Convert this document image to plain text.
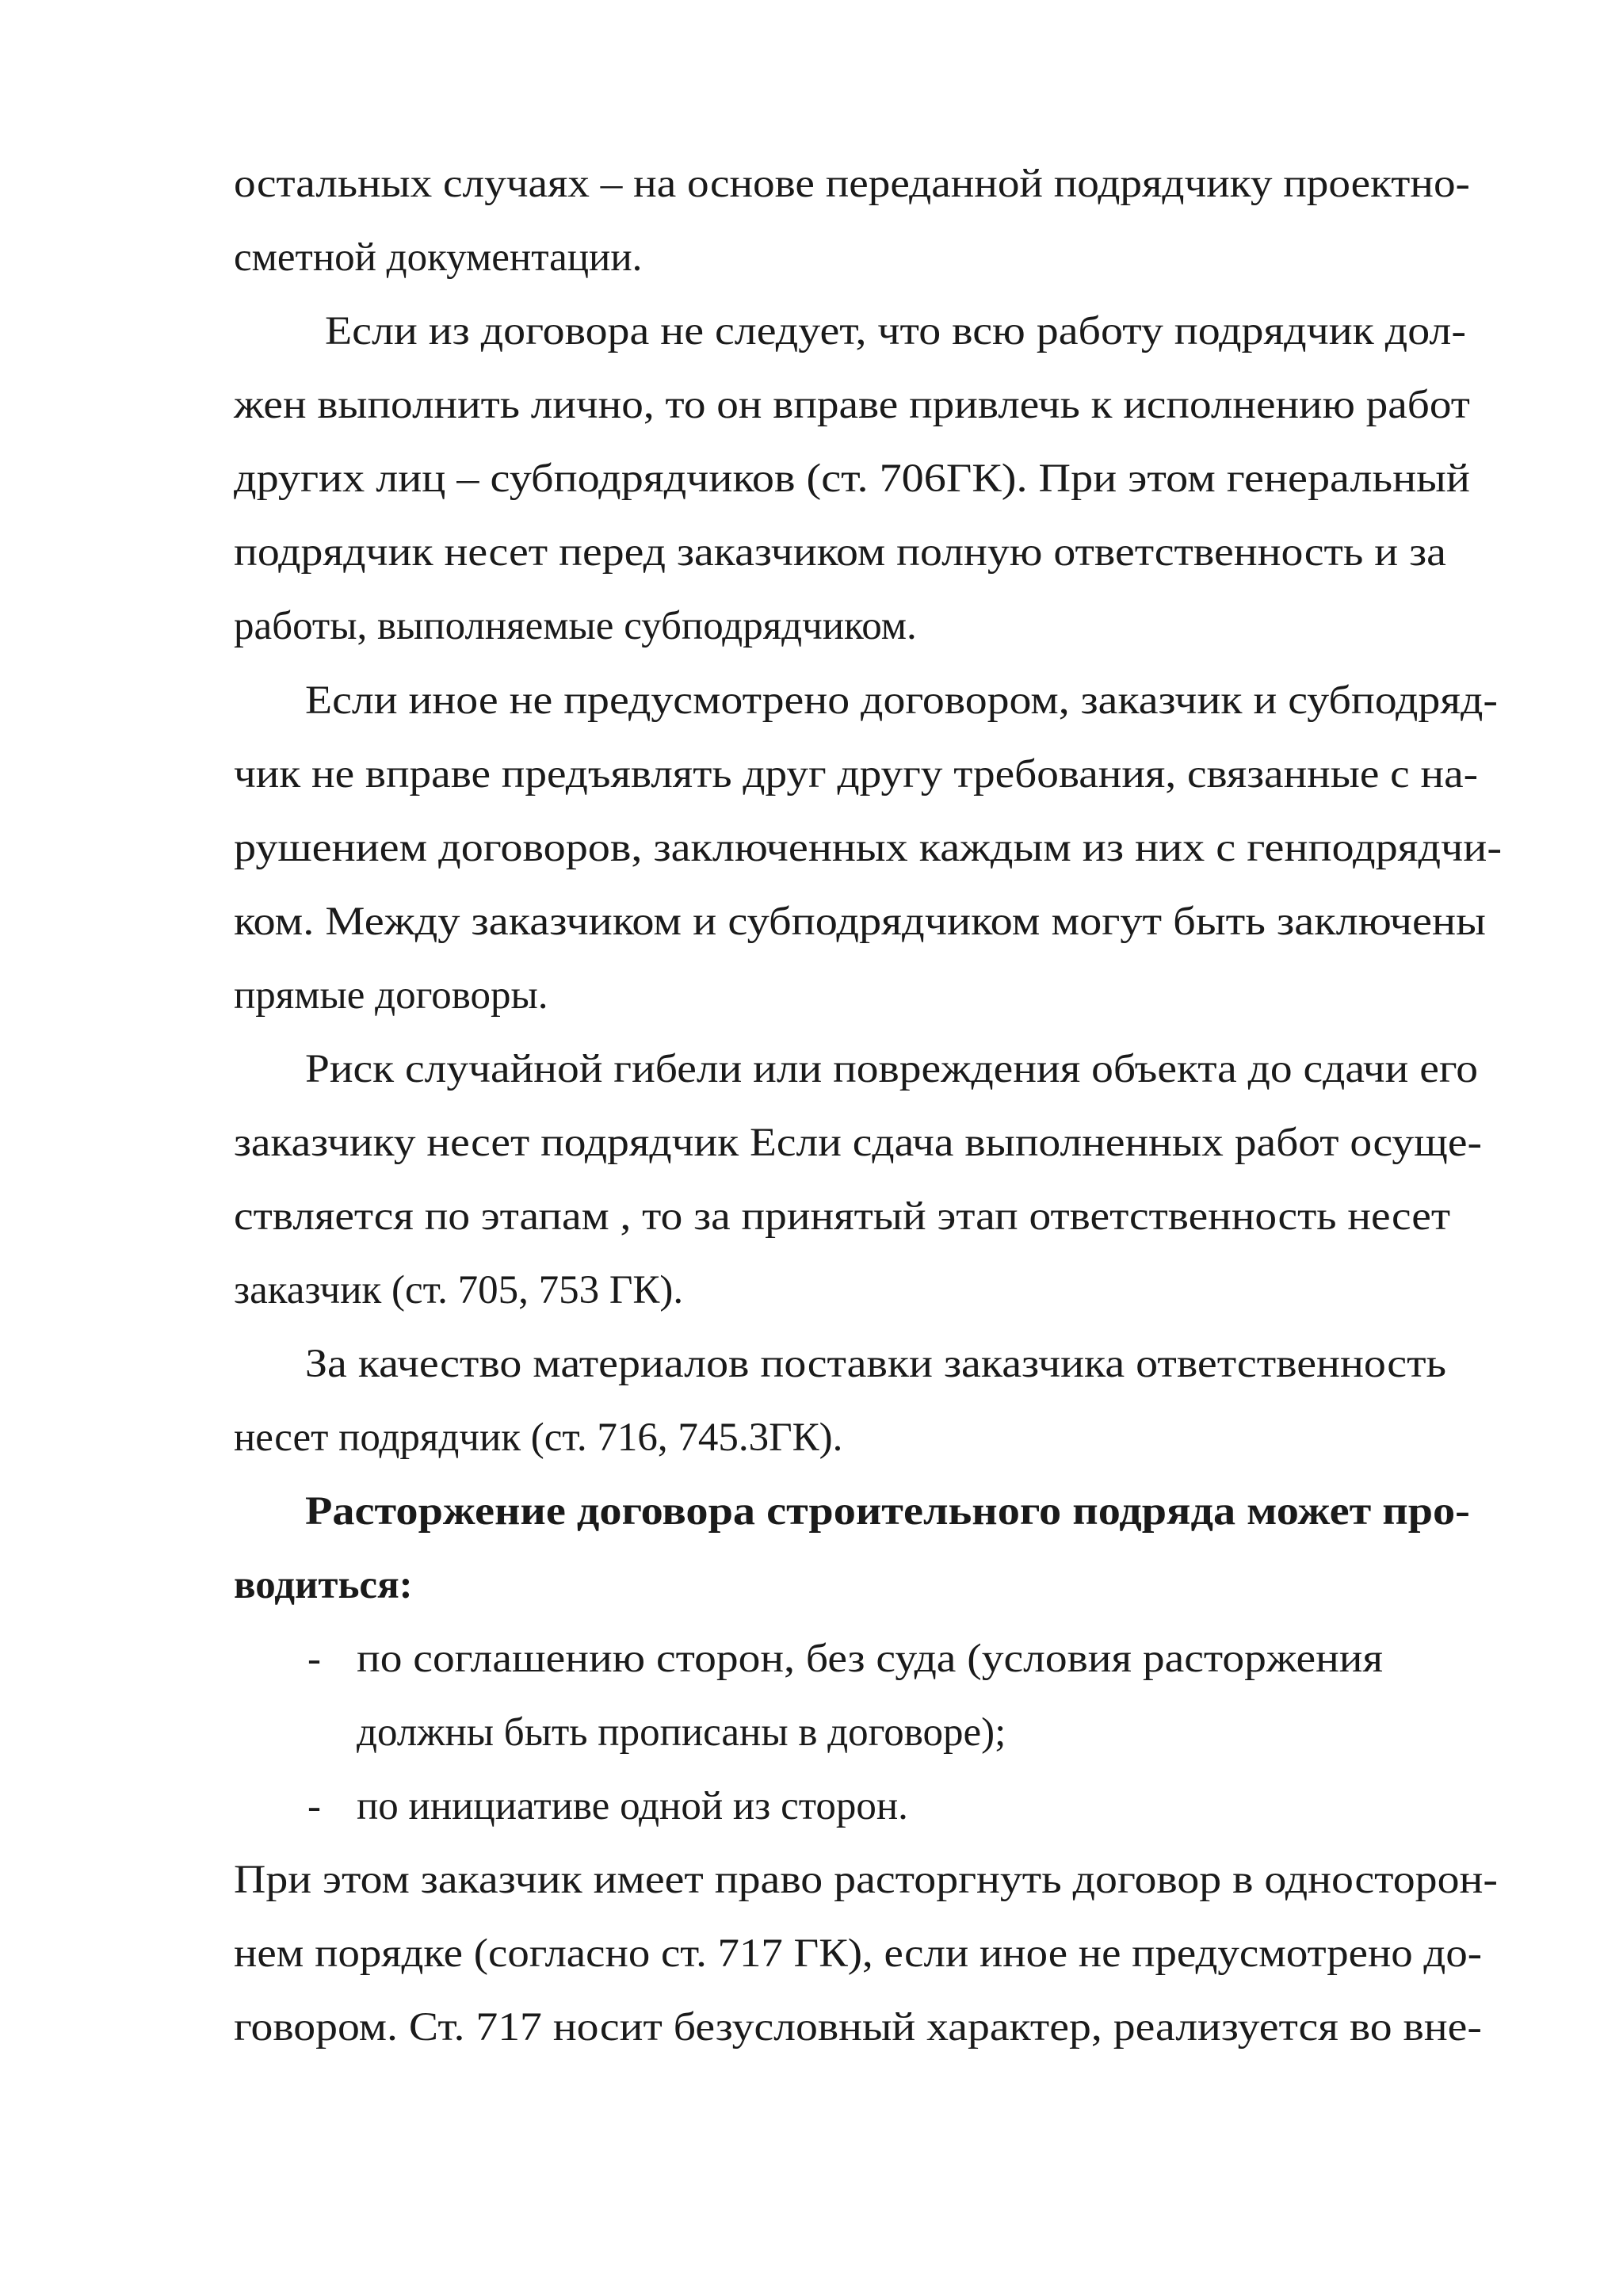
остальных случаях – на основе переданной подрядчику проектно-

сметной документации.

Если из договора не следует, что всю работу подрядчик дол-

жен выполнить лично, то он вправе привлечь к исполнению работ

других лиц – субподрядчиков (ст. 706ГК). При этом генеральный

подрядчик несет перед заказчиком полную ответственность и за

работы, выполняемые субподрядчиком.

Если иное не предусмотрено договором, заказчик и субподряд-

чик не вправе предъявлять друг другу требования, связанные с на-

рушением договоров, заключенных каждым из них с генподрядчи-

ком. Между заказчиком и субподрядчиком могут быть заключены

прямые договоры.

Риск случайной гибели или повреждения объекта до сдачи его

заказчику несет подрядчик Если сдача выполненных работ осуще-

ствляется по этапам , то за принятый этап ответственность несет

заказчик (ст. 705, 753 ГК).

За качество материалов поставки заказчика ответственность

несет подрядчик (ст. 716, 745.3ГК).

Расторжение договора строительного подряда может про-

водиться:

- по соглашению сторон, без суда (условия расторжения

должны быть прописаны в договоре);

- по инициативе одной из сторон.

При этом заказчик имеет право расторгнуть договор в односторон-

нем порядке (согласно ст. 717 ГК), если иное не предусмотрено до-

говором. Ст. 717 носит безусловный характер, реализуется во вне-
